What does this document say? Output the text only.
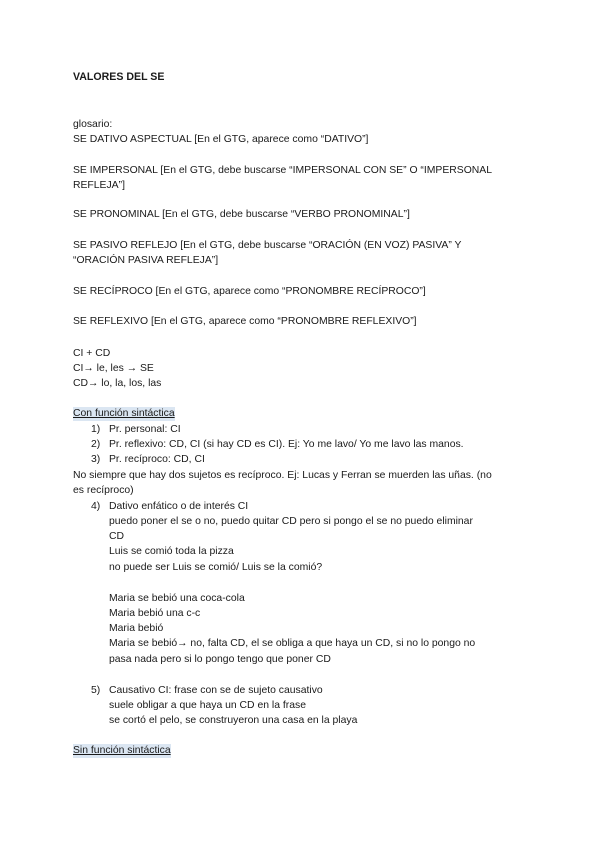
VALORES DEL SE
glosario:
SE DATIVO ASPECTUAL [En el GTG, aparece como “DATIVO”]
SE IMPERSONAL [En el GTG, debe buscarse “IMPERSONAL CON SE” O “IMPERSONAL
REFLEJA”]
SE PRONOMINAL [En el GTG, debe buscarse “VERBO PRONOMINAL”]
SE PASIVO REFLEJO [En el GTG, debe buscarse “ORACIÓN (EN VOZ) PASIVA” Y
“ORACIÓN PASIVA REFLEJA”]
SE RECÍPROCO [En el GTG, aparece como “PRONOMBRE RECÍPROCO”]
SE REFLEXIVO [En el GTG, aparece como “PRONOMBRE REFLEXIVO”]
CI + CD
CI→ le, les → SE
CD→ lo, la, los, las
Con función sintáctica
1) Pr. personal: CI
2) Pr. reflexivo: CD, CI (si hay CD es CI). Ej: Yo me lavo/ Yo me lavo las manos.
3) Pr. recíproco: CD, CI
No siempre que hay dos sujetos es recíproco. Ej: Lucas y Ferran se muerden las uñas. (no
es recíproco)
4) Dativo enfático o de interés CI
puedo poner el se o no, puedo quitar CD pero si pongo el se no puedo eliminar
CD
Luis se comió toda la pizza
no puede ser Luis se comió/ Luis se la comió?
Maria se bebió una coca-cola
Maria bebió una c-c
Maria bebió
Maria se bebió→ no, falta CD, el se obliga a que haya un CD, si no lo pongo no
pasa nada pero si lo pongo tengo que poner CD
5) Causativo CI: frase con se de sujeto causativo
suele obligar a que haya un CD en la frase
se cortó el pelo, se construyeron una casa en la playa
Sin función sintáctica
